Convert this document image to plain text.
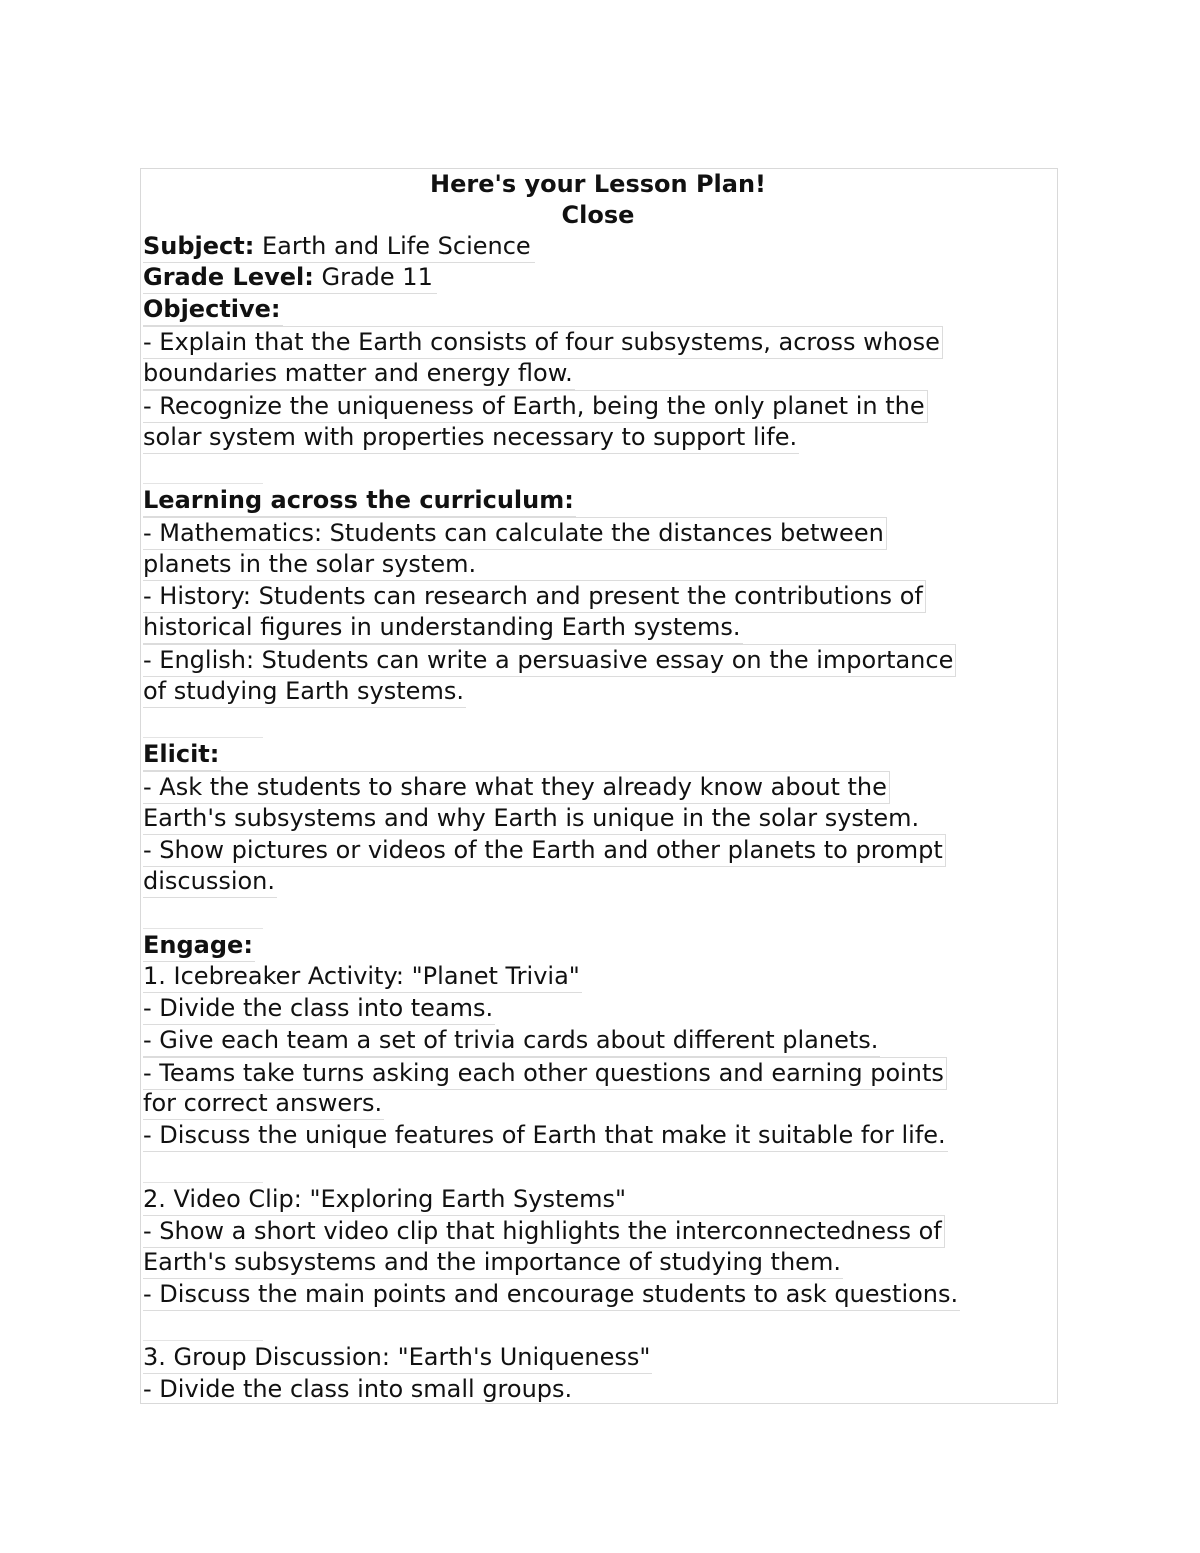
Here's your Lesson Plan!
Close
Subject: Earth and Life Science
Grade Level: Grade 11
Objective:
- Explain that the Earth consists of four subsystems, across whose
boundaries matter and energy flow.
- Recognize the uniqueness of Earth, being the only planet in the
solar system with properties necessary to support life.
Learning across the curriculum:
- Mathematics: Students can calculate the distances between
planets in the solar system.
- History: Students can research and present the contributions of
historical figures in understanding Earth systems.
- English: Students can write a persuasive essay on the importance
of studying Earth systems.
Elicit:
- Ask the students to share what they already know about the
Earth's subsystems and why Earth is unique in the solar system.
- Show pictures or videos of the Earth and other planets to prompt
discussion.
Engage:
1. Icebreaker Activity: "Planet Trivia"
- Divide the class into teams.
- Give each team a set of trivia cards about different planets.
- Teams take turns asking each other questions and earning points
for correct answers.
- Discuss the unique features of Earth that make it suitable for life.
2. Video Clip: "Exploring Earth Systems"
- Show a short video clip that highlights the interconnectedness of
Earth's subsystems and the importance of studying them.
- Discuss the main points and encourage students to ask questions.
3. Group Discussion: "Earth's Uniqueness"
- Divide the class into small groups.
